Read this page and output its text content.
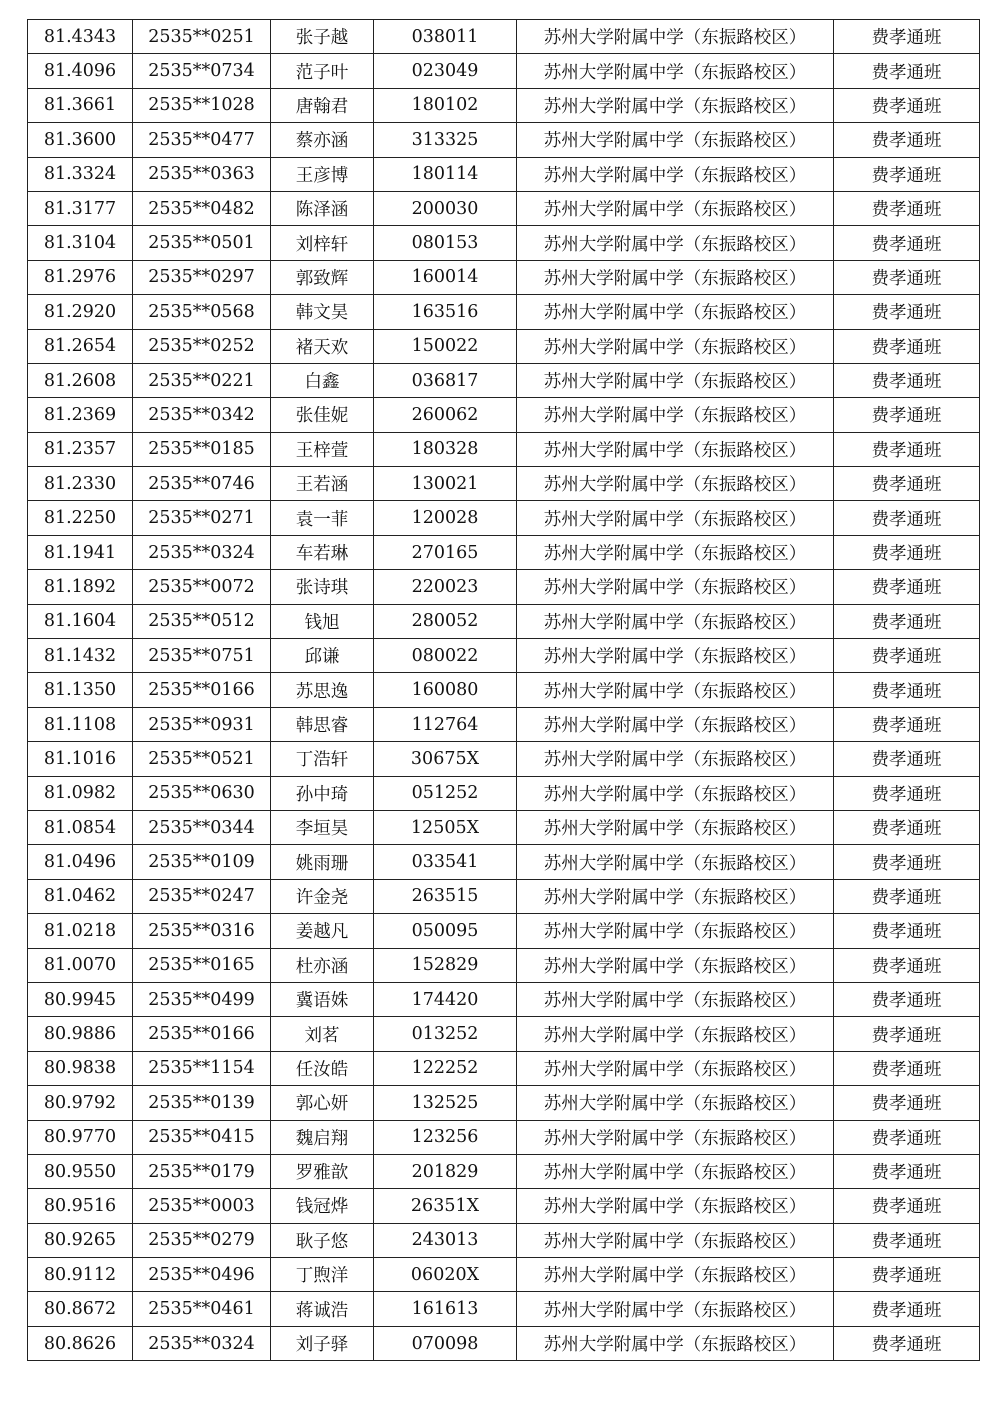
81.4343	2535**0251	张子越	038011	苏州大学附属中学（东振路校区）	费孝通班
81.4096	2535**0734	范子叶	023049	苏州大学附属中学（东振路校区）	费孝通班
81.3661	2535**1028	唐翰君	180102	苏州大学附属中学（东振路校区）	费孝通班
81.3600	2535**0477	蔡亦涵	313325	苏州大学附属中学（东振路校区）	费孝通班
81.3324	2535**0363	王彦博	180114	苏州大学附属中学（东振路校区）	费孝通班
81.3177	2535**0482	陈泽涵	200030	苏州大学附属中学（东振路校区）	费孝通班
81.3104	2535**0501	刘梓轩	080153	苏州大学附属中学（东振路校区）	费孝通班
81.2976	2535**0297	郭致辉	160014	苏州大学附属中学（东振路校区）	费孝通班
81.2920	2535**0568	韩文昊	163516	苏州大学附属中学（东振路校区）	费孝通班
81.2654	2535**0252	褚天欢	150022	苏州大学附属中学（东振路校区）	费孝通班
81.2608	2535**0221	白鑫	036817	苏州大学附属中学（东振路校区）	费孝通班
81.2369	2535**0342	张佳妮	260062	苏州大学附属中学（东振路校区）	费孝通班
81.2357	2535**0185	王梓萱	180328	苏州大学附属中学（东振路校区）	费孝通班
81.2330	2535**0746	王若涵	130021	苏州大学附属中学（东振路校区）	费孝通班
81.2250	2535**0271	袁一菲	120028	苏州大学附属中学（东振路校区）	费孝通班
81.1941	2535**0324	车若琳	270165	苏州大学附属中学（东振路校区）	费孝通班
81.1892	2535**0072	张诗琪	220023	苏州大学附属中学（东振路校区）	费孝通班
81.1604	2535**0512	钱旭	280052	苏州大学附属中学（东振路校区）	费孝通班
81.1432	2535**0751	邱谦	080022	苏州大学附属中学（东振路校区）	费孝通班
81.1350	2535**0166	苏思逸	160080	苏州大学附属中学（东振路校区）	费孝通班
81.1108	2535**0931	韩思睿	112764	苏州大学附属中学（东振路校区）	费孝通班
81.1016	2535**0521	丁浩轩	30675X	苏州大学附属中学（东振路校区）	费孝通班
81.0982	2535**0630	孙中琦	051252	苏州大学附属中学（东振路校区）	费孝通班
81.0854	2535**0344	李垣昊	12505X	苏州大学附属中学（东振路校区）	费孝通班
81.0496	2535**0109	姚雨珊	033541	苏州大学附属中学（东振路校区）	费孝通班
81.0462	2535**0247	许金尧	263515	苏州大学附属中学（东振路校区）	费孝通班
81.0218	2535**0316	姜越凡	050095	苏州大学附属中学（东振路校区）	费孝通班
81.0070	2535**0165	杜亦涵	152829	苏州大学附属中学（东振路校区）	费孝通班
80.9945	2535**0499	冀语姝	174420	苏州大学附属中学（东振路校区）	费孝通班
80.9886	2535**0166	刘茗	013252	苏州大学附属中学（东振路校区）	费孝通班
80.9838	2535**1154	任汝皓	122252	苏州大学附属中学（东振路校区）	费孝通班
80.9792	2535**0139	郭心妍	132525	苏州大学附属中学（东振路校区）	费孝通班
80.9770	2535**0415	魏启翔	123256	苏州大学附属中学（东振路校区）	费孝通班
80.9550	2535**0179	罗雅歆	201829	苏州大学附属中学（东振路校区）	费孝通班
80.9516	2535**0003	钱冠烨	26351X	苏州大学附属中学（东振路校区）	费孝通班
80.9265	2535**0279	耿子悠	243013	苏州大学附属中学（东振路校区）	费孝通班
80.9112	2535**0496	丁煦洋	06020X	苏州大学附属中学（东振路校区）	费孝通班
80.8672	2535**0461	蒋诚浩	161613	苏州大学附属中学（东振路校区）	费孝通班
80.8626	2535**0324	刘子驿	070098	苏州大学附属中学（东振路校区）	费孝通班
